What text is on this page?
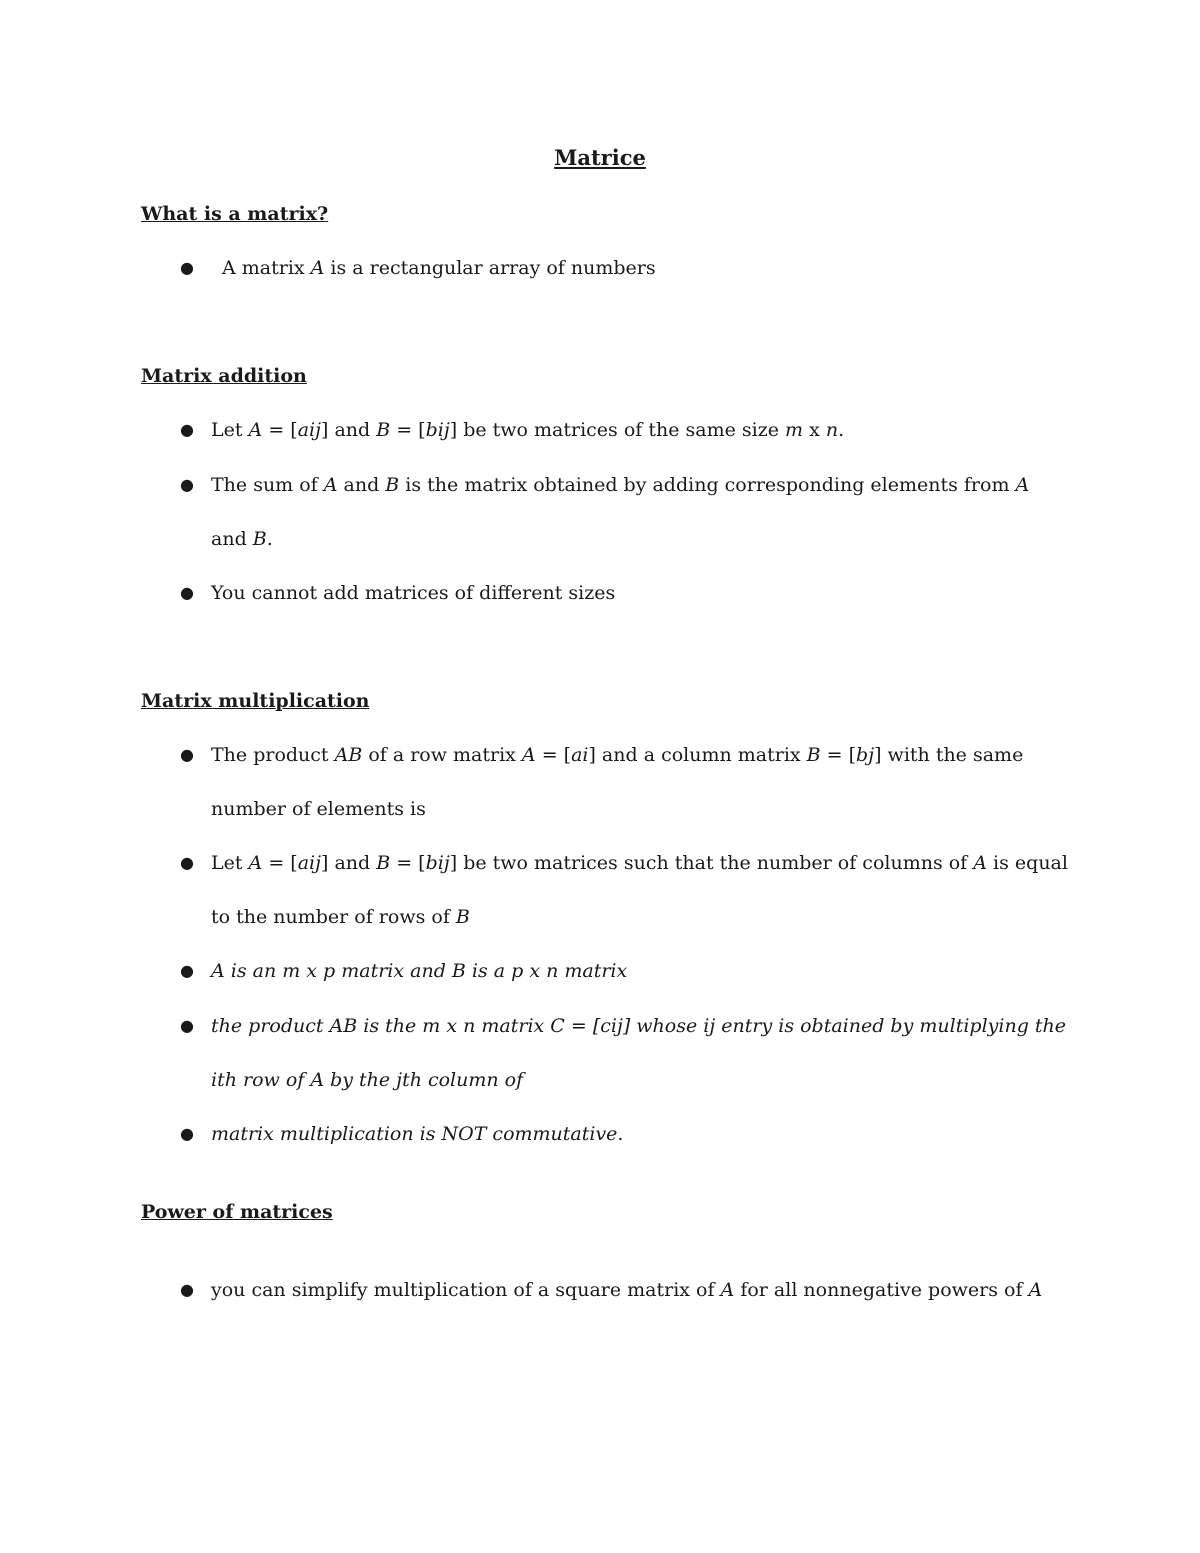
Matrice
What is a matrix?
● A matrix A is a rectangular array of numbers
Matrix addition
● Let A = [aij] and B = [bij] be two matrices of the same size m x n.
● The sum of A and B is the matrix obtained by adding corresponding elements from A and B.
● You cannot add matrices of different sizes
Matrix multiplication
● The product AB of a row matrix A = [ai] and a column matrix B = [bj] with the same number of elements is
● Let A = [aij] and B = [bij] be two matrices such that the number of columns of A is equal to the number of rows of B
● A is an m x p matrix and B is a p x n matrix
● the product AB is the m x n matrix C = [cij] whose ij entry is obtained by multiplying the ith row of A by the jth column of
● matrix multiplication is NOT commutative.
Power of matrices
● you can simplify multiplication of a square matrix of A for all nonnegative powers of A
